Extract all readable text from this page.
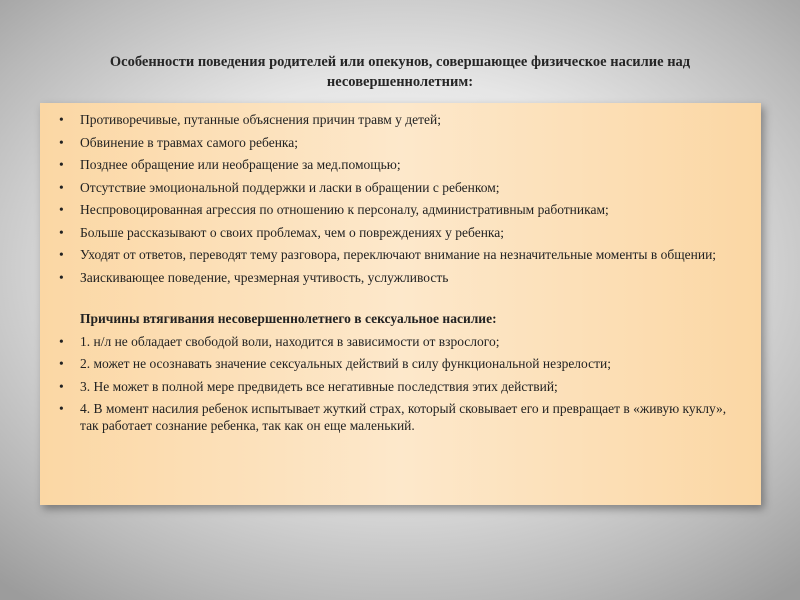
Особенности поведения родителей или опекунов, совершающее физическое насилие над несовершеннолетним:
• Противоречивые, путанные объяснения причин травм у детей;
• Обвинение в травмах самого ребенка;
• Позднее обращение или необращение за мед.помощью;
• Отсутствие эмоциональной поддержки и ласки в обращении с ребенком;
• Неспровоцированная агрессия по отношению к персоналу, административным работникам;
• Больше рассказывают о своих проблемах, чем о повреждениях у ребенка;
• Уходят от ответов, переводят тему разговора, переключают внимание на незначительные моменты в общении;
• Заискивающее поведение, чрезмерная учтивость, услужливость
Причины втягивания несовершеннолетнего в сексуальное насилие:
• 1. н/л не обладает свободой воли, находится в зависимости от взрослого;
• 2. может не осознавать значение сексуальных действий в силу функциональной незрелости;
• 3. Не может в полной мере предвидеть все негативные последствия этих действий;
• 4. В момент насилия ребенок испытывает жуткий страх, который сковывает его и превращает в «живую куклу», так работает сознание ребенка, так как он еще маленький.
